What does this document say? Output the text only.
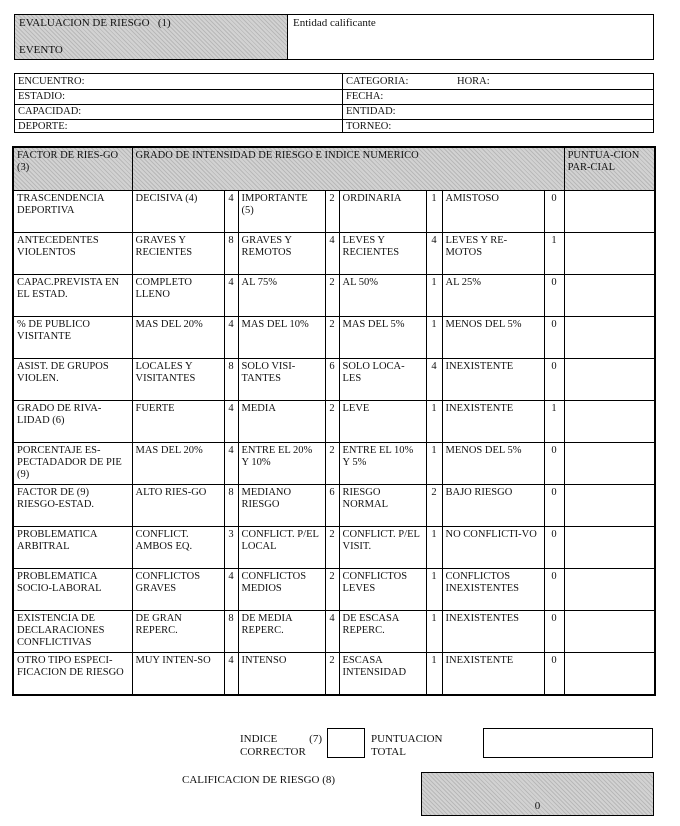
EVALUACION DE RIESGO (1)
EVENTO
Entidad calificante
ENCUENTRO:	CATEGORIA:	HORA:
ESTADIO:	FECHA:
CAPACIDAD:	ENTIDAD:
DEPORTE:	TORNEO:
FACTOR DE RIES-GO (3)	GRADO DE INTENSIDAD DE RIESGO E INDICE NUMERICO								PUNTUA-CION PAR-CIAL
TRASCENDENCIA DEPORTIVA	DECISIVA (4)	4	IMPORTANTE (5)	2	ORDINARIA	1	AMISTOSO	0	
ANTECEDENTES VIOLENTOS	GRAVES Y RECIENTES	8	GRAVES Y REMOTOS	4	LEVES Y RECIENTES	4	LEVES Y RE-MOTOS	1	
CAPAC.PREVISTA EN EL ESTAD.	COMPLETO LLENO	4	AL 75%	2	AL 50%	1	AL 25%	0	
% DE PUBLICO VISITANTE	MAS DEL 20%	4	MAS DEL 10%	2	MAS DEL 5%	1	MENOS DEL 5%	0	
ASIST. DE GRUPOS VIOLEN.	LOCALES Y VISITANTES	8	SOLO VISI-TANTES	6	SOLO LOCA-LES	4	INEXISTENTE	0	
GRADO DE RIVA-LIDAD (6)	FUERTE	4	MEDIA	2	LEVE	1	INEXISTENTE	1	
PORCENTAJE ES-PECTADADOR DE PIE (9)	MAS DEL 20%	4	ENTRE EL 20% Y 10%	2	ENTRE EL 10% Y 5%	1	MENOS DEL 5%	0	
FACTOR DE (9) RIESGO-ESTAD.	ALTO RIES-GO	8	MEDIANO RIESGO	6	RIESGO NORMAL	2	BAJO RIESGO	0	
PROBLEMATICA ARBITRAL	CONFLICT. AMBOS EQ.	3	CONFLICT. P/EL LOCAL	2	CONFLICT. P/EL VISIT.	1	NO CONFLICTI-VO	0	
PROBLEMATICA SOCIO-LABORAL	CONFLICTOS GRAVES	4	CONFLICTOS MEDIOS	2	CONFLICTOS LEVES	1	CONFLICTOS INEXISTENTES	0	
EXISTENCIA DE DECLARACIONES CONFLICTIVAS	DE GRAN REPERC.	8	DE MEDIA REPERC.	4	DE ESCASA REPERC.	1	INEXISTENTES	0	
OTRO TIPO ESPECI-FICACION DE RIESGO	MUY INTEN-SO	4	INTENSO	2	ESCASA INTENSIDAD	1	INEXISTENTE	0	
INDICE	(7)
CORRECTOR
PUNTUACION
TOTAL
CALIFICACION DE RIESGO (8)
0
